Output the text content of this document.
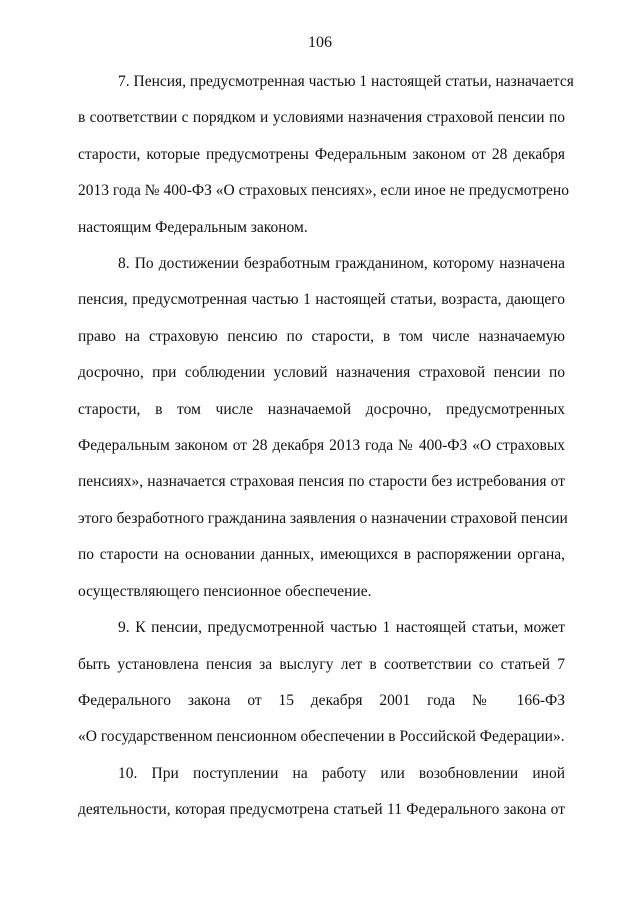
106
7. Пенсия, предусмотренная частью 1 настоящей статьи, назначается
в соответствии с порядком и условиями назначения страховой пенсии по
старости, которые предусмотрены Федеральным законом от 28 декабря
2013 года № 400-ФЗ «О страховых пенсиях», если иное не предусмотрено
настоящим Федеральным законом.
8. По достижении безработным гражданином, которому назначена
пенсия, предусмотренная частью 1 настоящей статьи, возраста, дающего
право на страховую пенсию по старости, в том числе назначаемую
досрочно, при соблюдении условий назначения страховой пенсии по
старости, в том числе назначаемой досрочно, предусмотренных
Федеральным законом от 28 декабря 2013 года № 400-ФЗ «О страховых
пенсиях», назначается страховая пенсия по старости без истребования от
этого безработного гражданина заявления о назначении страховой пенсии
по старости на основании данных, имеющихся в распоряжении органа,
осуществляющего пенсионное обеспечение.
9. К пенсии, предусмотренной частью 1 настоящей статьи, может
быть установлена пенсия за выслугу лет в соответствии со статьей 7
Федерального закона от 15 декабря 2001 года № 166-ФЗ
«О государственном пенсионном обеспечении в Российской Федерации».
10. При поступлении на работу или возобновлении иной
деятельности, которая предусмотрена статьей 11 Федерального закона от
